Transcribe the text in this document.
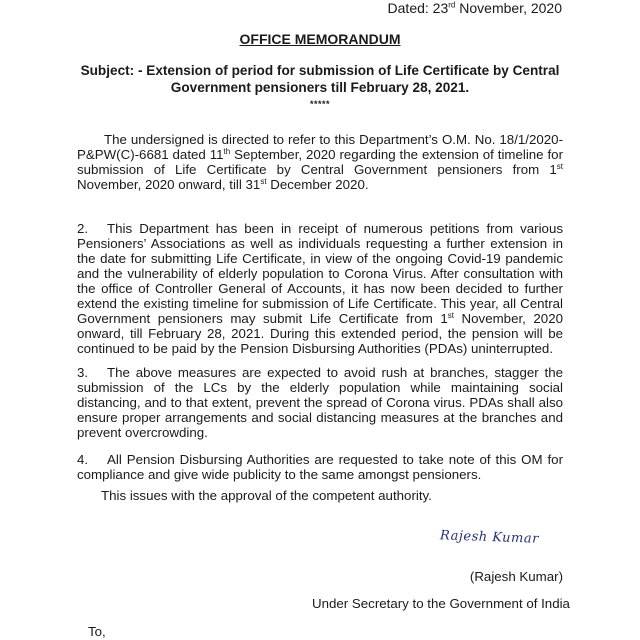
Dated: 23rd November, 2020
OFFICE MEMORANDUM
Subject: - Extension of period for submission of Life Certificate by Central Government pensioners till February 28, 2021.
*****
The undersigned is directed to refer to this Department’s O.M. No. 18/1/2020-P&PW(C)-6681 dated 11th September, 2020 regarding the extension of timeline for submission of Life Certificate by Central Government pensioners from 1st November, 2020 onward, till 31st December 2020.
2. This Department has been in receipt of numerous petitions from various Pensioners’ Associations as well as individuals requesting a further extension in the date for submitting Life Certificate, in view of the ongoing Covid-19 pandemic and the vulnerability of elderly population to Corona Virus. After consultation with the office of Controller General of Accounts, it has now been decided to further extend the existing timeline for submission of Life Certificate. This year, all Central Government pensioners may submit Life Certificate from 1st November, 2020 onward, till February 28, 2021. During this extended period, the pension will be continued to be paid by the Pension Disbursing Authorities (PDAs) uninterrupted.
3. The above measures are expected to avoid rush at branches, stagger the submission of the LCs by the elderly population while maintaining social distancing, and to that extent, prevent the spread of Corona virus. PDAs shall also ensure proper arrangements and social distancing measures at the branches and prevent overcrowding.
4. All Pension Disbursing Authorities are requested to take note of this OM for compliance and give wide publicity to the same amongst pensioners.
This issues with the approval of the competent authority.
Rajesh Kumar
(Rajesh Kumar)
Under Secretary to the Government of India
To,
